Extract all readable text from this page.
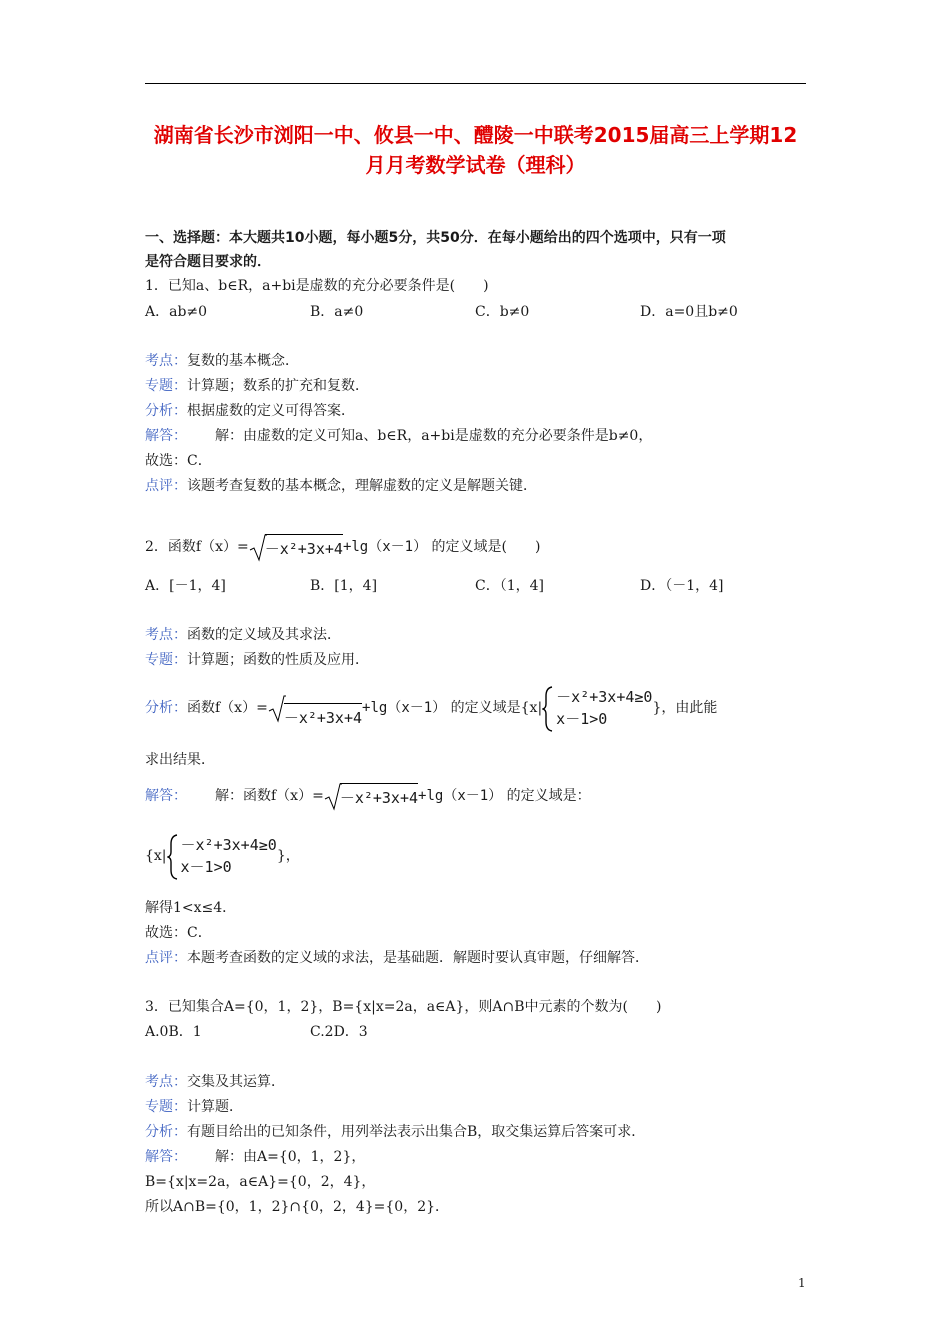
湖南省长沙市浏阳一中、攸县一中、醴陵一中联考2015届高三上学期12月月考数学试卷（理科）
一、选择题：本大题共10小题，每小题5分，共50分．在每小题给出的四个选项中，只有一项
是符合题目要求的．
1．已知a、b∈R，a+bi是虚数的充分必要条件是(　　)
A．ab≠0	B．a≠0	C．b≠0	D．a=0且b≠0
考点：复数的基本概念．
专题：计算题；数系的扩充和复数．
分析：根据虚数的定义可得答案．
解答： 解：由虚数的定义可知a、b∈R，a+bi是虚数的充分必要条件是b≠0，
故选：C．
点评：该题考查复数的基本概念，理解虚数的定义是解题关键．
2．函数f（x）= －x²+3x+4+lg（x－1） 的定义域是(　　)
A．[－1，4]	B．[1，4]	C．（1，4]	D．（－1，4]
考点：函数的定义域及其求法．
专题：计算题；函数的性质及应用．
分析：函数f（x）=
－x²+3x+4+lg（x－1） 的定义域是{x|
－x²+3x+4≥0
x－1>0
}，由此能
求出结果．
解答： 解：函数f（x）= －x²+3x+4+lg（x－1） 的定义域是：
{x|
－x²+3x+4≥0
x－1>0
}，
解得1<x≤4．
故选：C．
点评：本题考查函数的定义域的求法，是基础题．解题时要认真审题，仔细解答．
3．已知集合A={0，1，2}，B={x|x=2a，a∈A}，则A∩B中元素的个数为(　　)
A.0B．1	C.2D．3
考点：交集及其运算．
专题：计算题．
分析：有题目给出的已知条件，用列举法表示出集合B，取交集运算后答案可求．
解答： 解：由A={0，1，2}，
B={x|x=2a，a∈A}={0，2，4}，
所以A∩B={0，1，2}∩{0，2，4}={0，2}．
1
